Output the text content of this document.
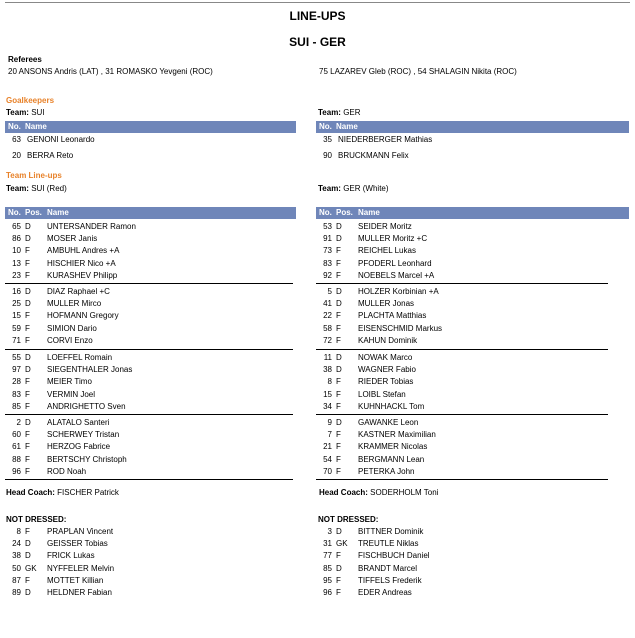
LINE-UPS
SUI - GER
Referees
20 ANSONS Andris (LAT) , 31 ROMASKO Yevgeni (ROC)	75 LAZAREV Gleb (ROC) , 54 SHALAGIN Nikita (ROC)
Goalkeepers
Team: SUI	Team: GER
No. Name	No. Name
63 GENONI Leonardo
20 BERRA Reto
35 NIEDERBERGER Mathias
90 BRUCKMANN Felix
Team Line-ups
Team: SUI (Red)	Team: GER (White)
No. Pos. Name	No. Pos. Name
65 D UNTERSANDER Ramon
86 D MOSER Janis
10 F AMBUHL Andres +A
13 F HISCHIER Nico +A
23 F KURASHEV Philipp
16 D DIAZ Raphael +C
25 D MULLER Mirco
15 F HOFMANN Gregory
59 F SIMION Dario
71 F CORVI Enzo
55 D LOEFFEL Romain
97 D SIEGENTHALER Jonas
28 F MEIER Timo
83 F VERMIN Joel
85 F ANDRIGHETTO Sven
2 D ALATALO Santeri
60 F SCHERWEY Tristan
61 F HERZOG Fabrice
88 F BERTSCHY Christoph
96 F ROD Noah
53 D SEIDER Moritz
91 D MULLER Moritz +C
73 F REICHEL Lukas
83 F PFODERL Leonhard
92 F NOEBELS Marcel +A
5 D HOLZER Korbinian +A
41 D MULLER Jonas
22 F PLACHTA Matthias
58 F EISENSCHMID Markus
72 F KAHUN Dominik
11 D NOWAK Marco
38 D WAGNER Fabio
8 F RIEDER Tobias
15 F LOIBL Stefan
34 F KUHNHACKL Tom
9 D GAWANKE Leon
7 F KASTNER Maximilian
21 F KRAMMER Nicolas
54 F BERGMANN Lean
70 F PETERKA John
Head Coach: FISCHER Patrick	Head Coach: SODERHOLM Toni
NOT DRESSED:	NOT DRESSED:
8 F PRAPLAN Vincent
24 D GEISSER Tobias
38 D FRICK Lukas
50 GK NYFFELER Melvin
87 F MOTTET Killian
89 D HELDNER Fabian
3 D BITTNER Dominik
31 GK TREUTLE Niklas
77 F FISCHBUCH Daniel
85 D BRANDT Marcel
95 F TIFFELS Frederik
96 F EDER Andreas
